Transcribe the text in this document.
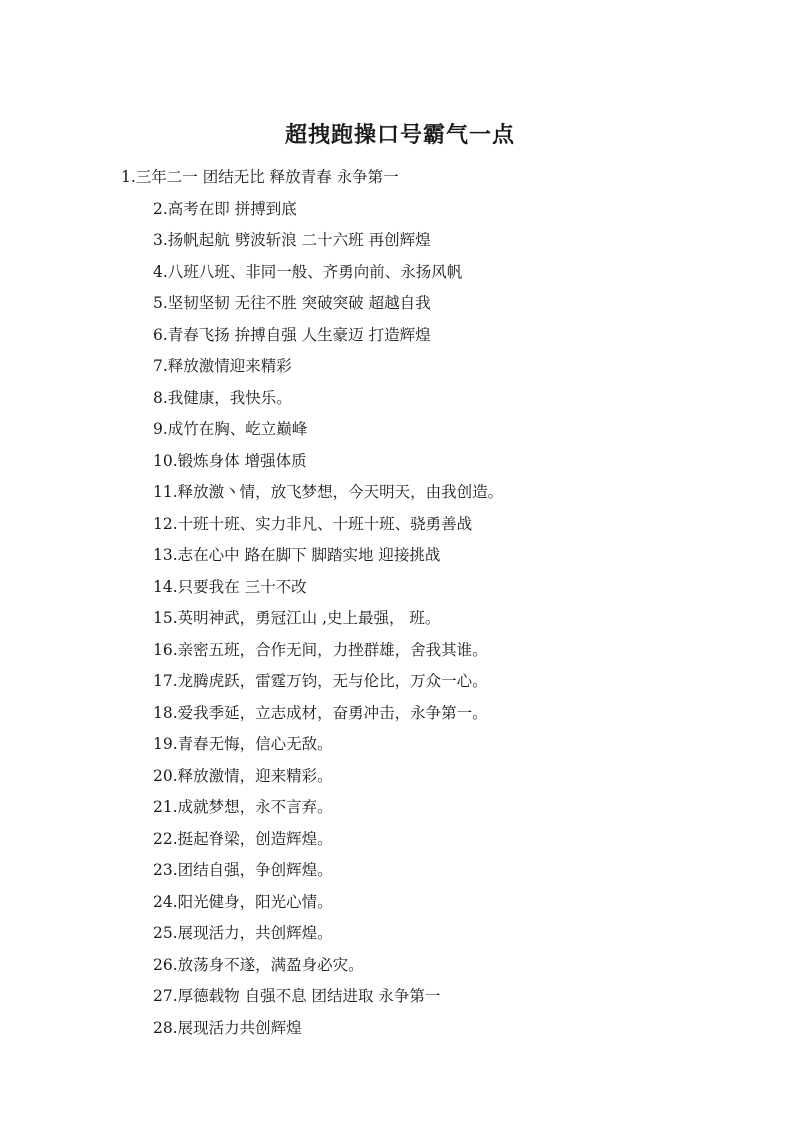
超拽跑操口号霸气一点
1.三年二一 团结无比 释放青春 永争第一
2.高考在即 拼搏到底
3.扬帆起航 劈波斩浪 二十六班 再创辉煌
4.八班八班、非同一般、齐勇向前、永扬风帆
5.坚韧坚韧 无往不胜 突破突破 超越自我
6.青春飞扬 拚搏自强 人生豪迈 打造辉煌
7.释放激情迎来精彩
8.我健康，我快乐。
9.成竹在胸、屹立巅峰
10.锻炼身体 增强体质
11.释放激丶情，放飞梦想，今天明天，由我创造。
12.十班十班、实力非凡、十班十班、骁勇善战
13.志在心中 路在脚下 脚踏实地 迎接挑战
14.只要我在 三十不改
15.英明神武，勇冠江山 ,史上最强， 班。
16.亲密五班，合作无间，力挫群雄，舍我其谁。
17.龙腾虎跃，雷霆万钧，无与伦比，万众一心。
18.爱我季延，立志成材，奋勇冲击，永争第一。
19.青春无悔，信心无敌。
20.释放激情，迎来精彩。
21.成就梦想，永不言弃。
22.挺起脊梁，创造辉煌。
23.团结自强，争创辉煌。
24.阳光健身，阳光心情。
25.展现活力，共创辉煌。
26.放荡身不遂，满盈身必灾。
27.厚德载物 自强不息 团结进取 永争第一
28.展现活力共创辉煌
